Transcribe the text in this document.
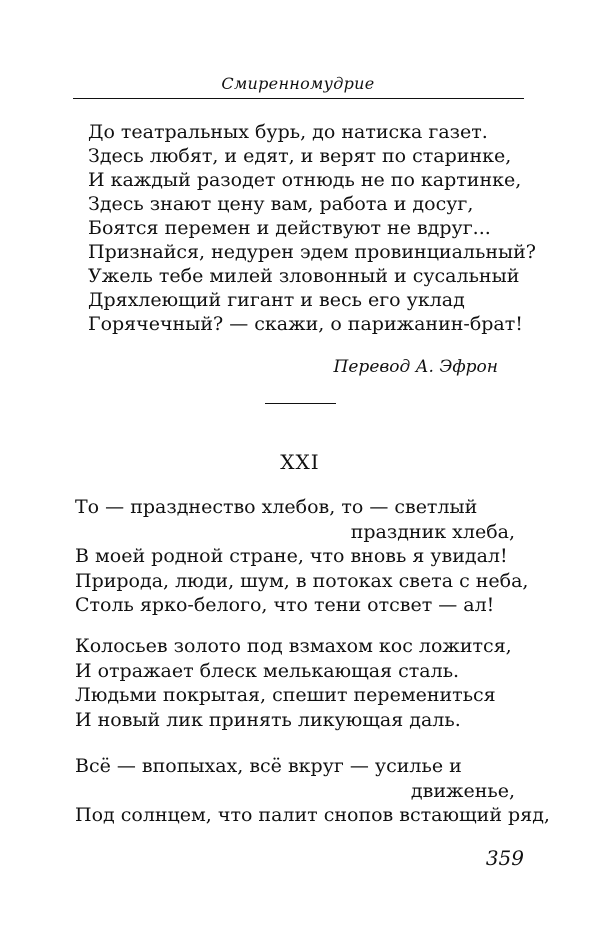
Смиренномудрие
До театральных бурь, до натиска газет.
Здесь любят, и едят, и верят по старинке,
И каждый разодет отнюдь не по картинке,
Здесь знают цену вам, работа и досуг,
Боятся перемен и действуют не вдруг...
Признайся, недурен эдем провинциальный?
Ужель тебе милей зловонный и сусальный
Дряхлеющий гигант и весь его уклад
Горячечный? — скажи, о парижанин-брат!
Перевод А. Эфрон
XXI
То — празднество хлебов, то — светлый
праздник хлеба,
В моей родной стране, что вновь я увидал!
Природа, люди, шум, в потоках света с неба,
Столь ярко-белого, что тени отсвет — ал!
Колосьев золото под взмахом кос ложится,
И отражает блеск мелькающая сталь.
Людьми покрытая, спешит перемениться
И новый лик принять ликующая даль.
Всё — впопыхах, всё вкруг — усилье и
движенье,
Под солнцем, что палит снопов встающий ряд,
359
